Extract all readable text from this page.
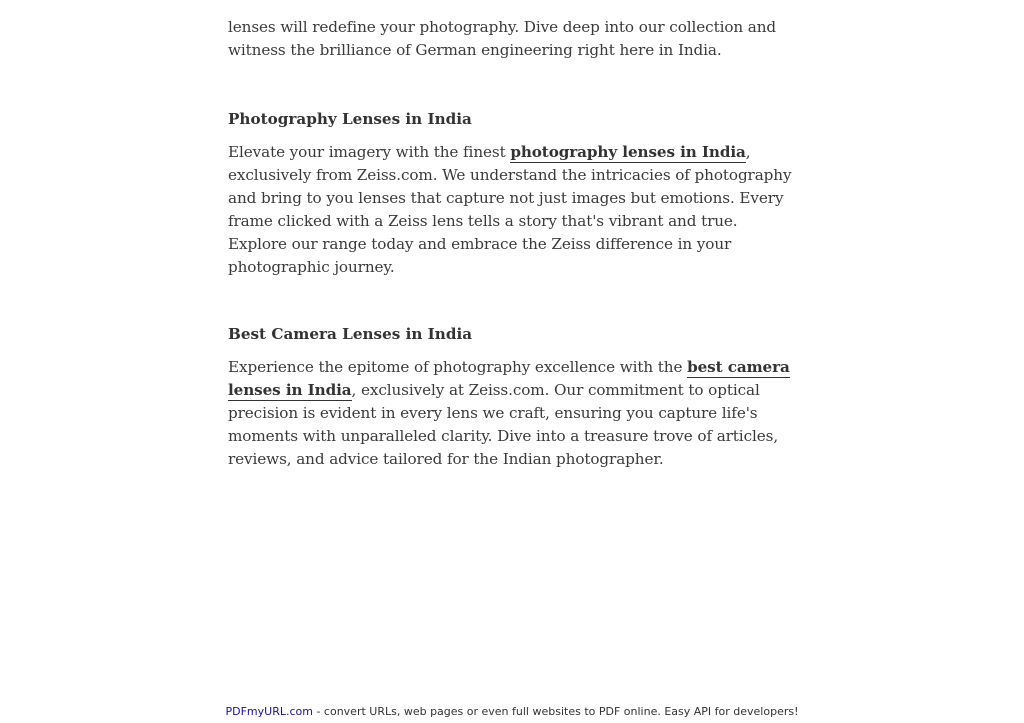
lenses will redefine your photography. Dive deep into our collection and witness the brilliance of German engineering right here in India.

Photography Lenses in India

Elevate your imagery with the finest photography lenses in India, exclusively from Zeiss.com. We understand the intricacies of photography and bring to you lenses that capture not just images but emotions. Every frame clicked with a Zeiss lens tells a story that's vibrant and true. Explore our range today and embrace the Zeiss difference in your photographic journey.

Best Camera Lenses in India

Experience the epitome of photography excellence with the best camera lenses in India, exclusively at Zeiss.com. Our commitment to optical precision is evident in every lens we craft, ensuring you capture life's moments with unparalleled clarity. Dive into a treasure trove of articles, reviews, and advice tailored for the Indian photographer.

PDFmyURL.com - convert URLs, web pages or even full websites to PDF online. Easy API for developers!
